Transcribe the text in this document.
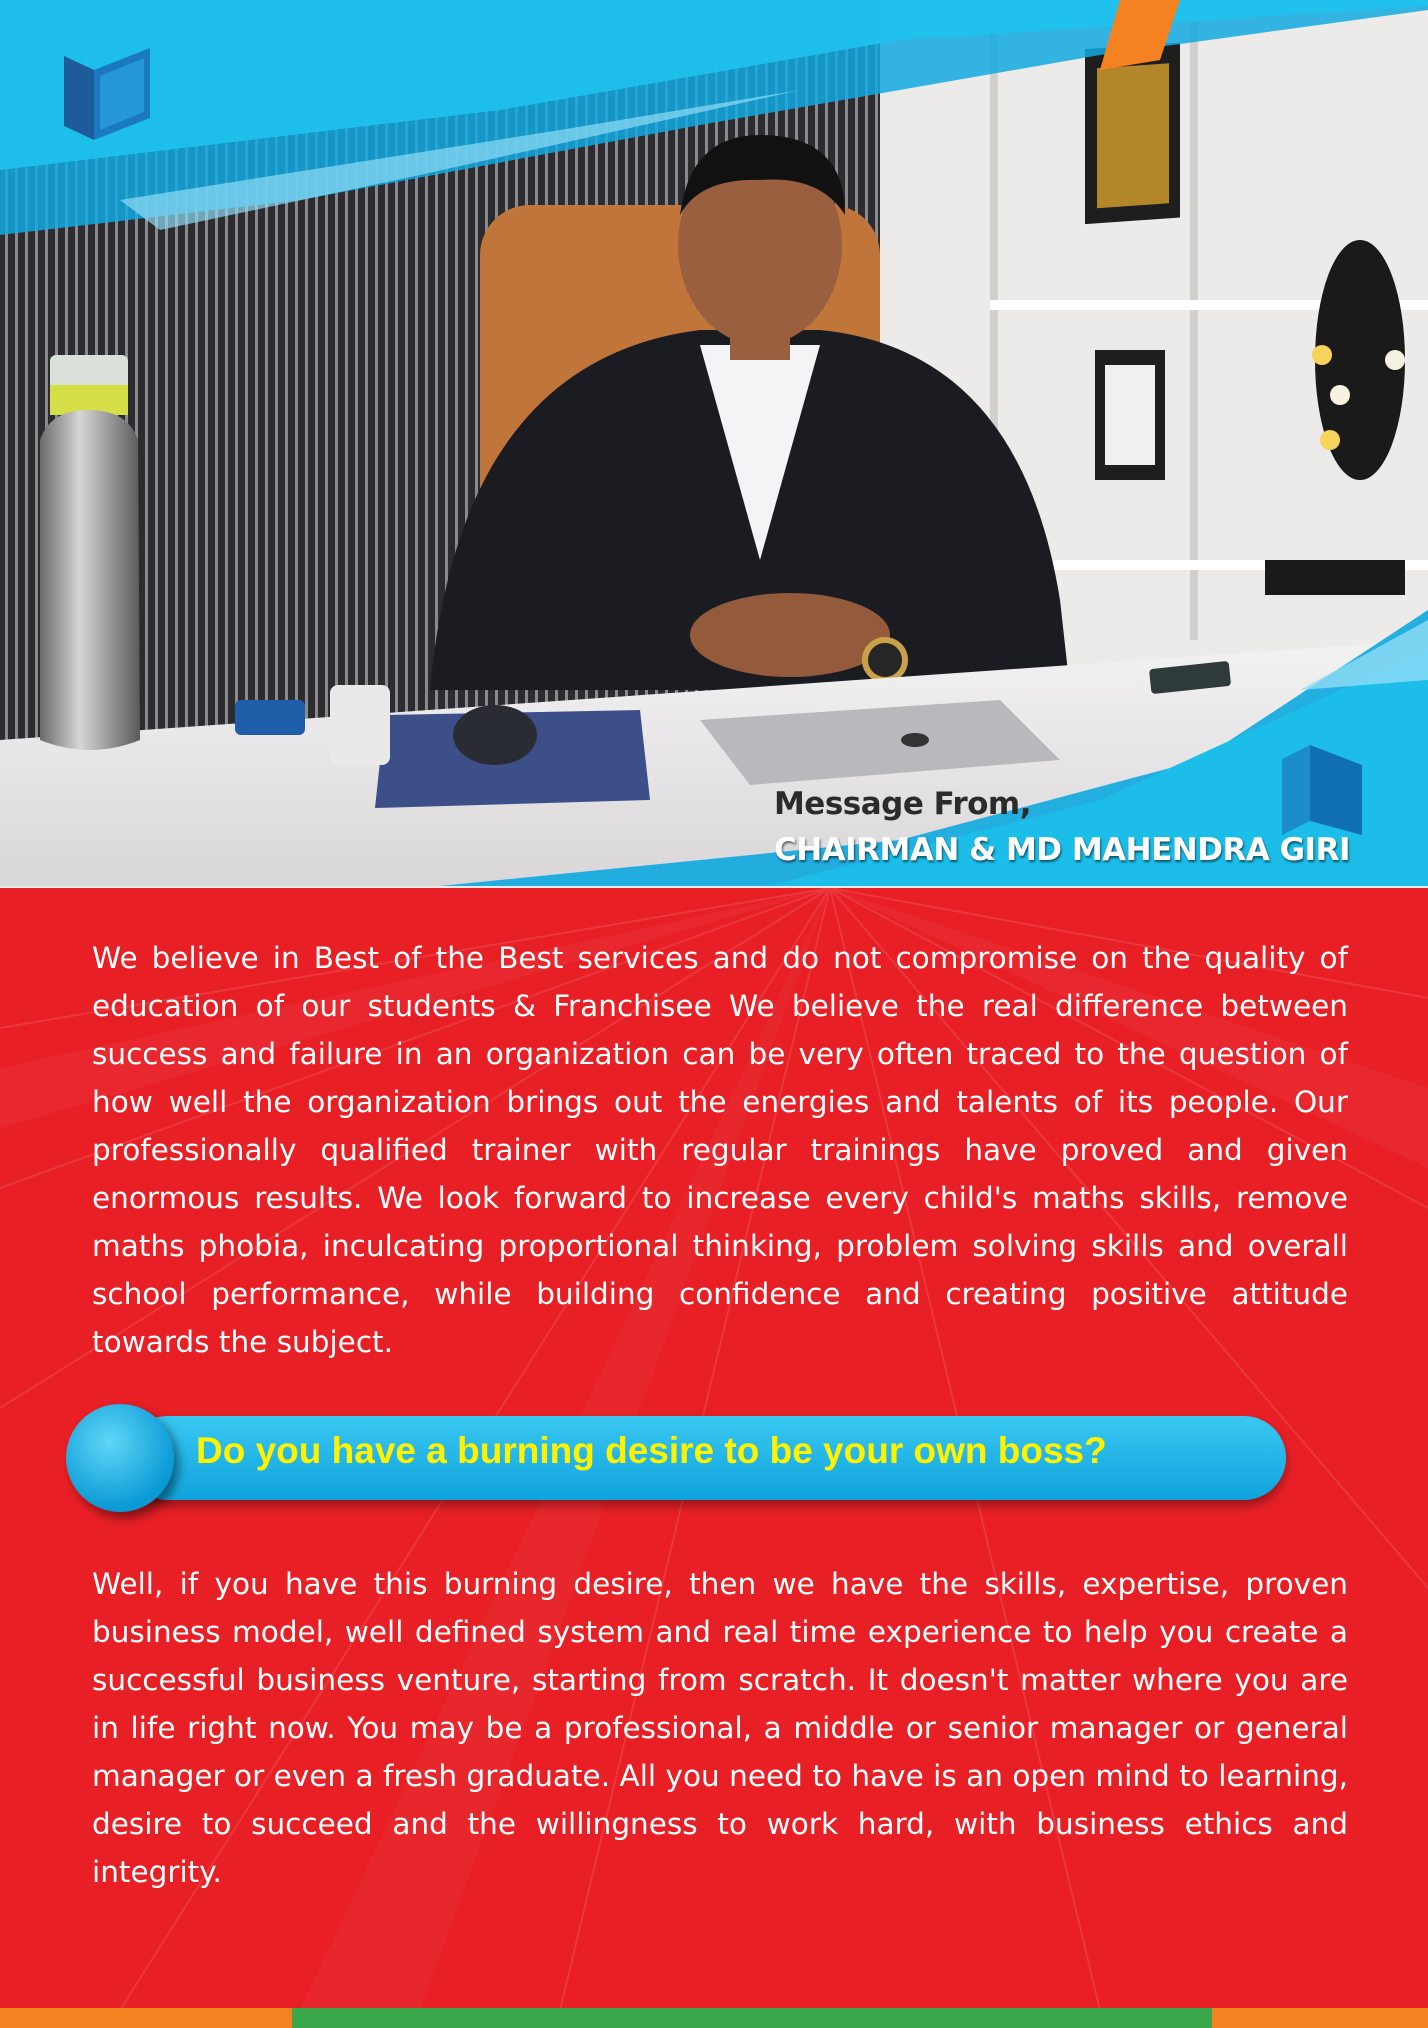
Message From,
CHAIRMAN & MD MAHENDRA GIRI

We believe in Best of the Best services and do not compromise on the quality of education of our students & Franchisee We believe the real difference between success and failure in an organization can be very often traced to the question of how well the organization brings out the energies and talents of its people. Our professionally qualified trainer with regular trainings have proved and given enormous results. We look forward to increase every child's maths skills, remove maths phobia, inculcating proportional thinking, problem solving skills and overall school performance, while building confidence and creating positive attitude towards the subject.

Do you have a burning desire to be your own boss?

Well, if you have this burning desire, then we have the skills, expertise, proven business model, well defined system and real time experience to help you create a successful business venture, starting from scratch. It doesn't matter where you are in life right now. You may be a professional, a middle or senior manager or general manager or even a fresh graduate. All you need to have is an open mind to learning, desire to succeed and the willingness to work hard, with business ethics and integrity.
